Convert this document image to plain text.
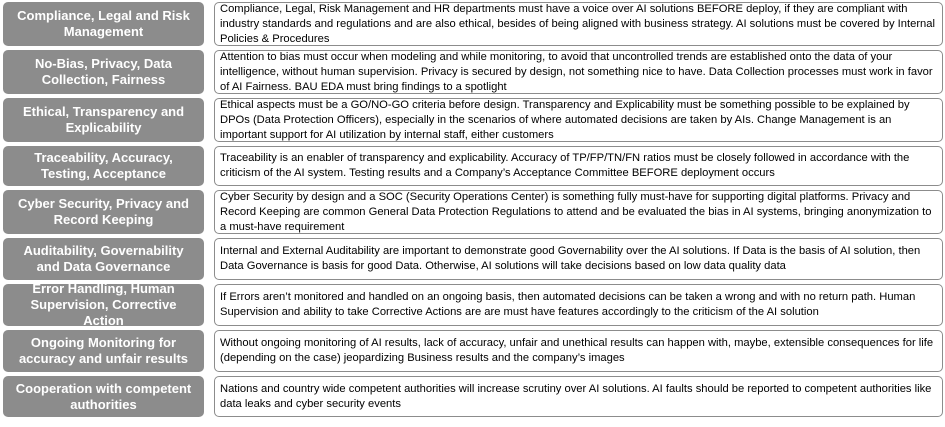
Compliance, Legal and Risk Management
Compliance, Legal, Risk Management and HR departments must have a voice over AI solutions BEFORE deploy, if they are compliant with industry standards and regulations and are also ethical, besides of being aligned with business strategy. AI solutions must be covered by Internal Policies & Procedures
No-Bias, Privacy, Data Collection, Fairness
Attention to bias must occur when modeling and while monitoring, to avoid that uncontrolled trends are established onto the data of your intelligence, without human supervision. Privacy is secured by design, not something nice to have. Data Collection processes must work in favor of AI Fairness. BAU EDA must bring findings to a spotlight
Ethical, Transparency and Explicability
Ethical aspects must be a GO/NO-GO criteria before design. Transparency and Explicability must be something possible to be explained by DPOs (Data Protection Officers), especially in the scenarios of where automated decisions are taken by AIs. Change Management is an important support for AI utilization by internal staff, either customers
Traceability, Accuracy, Testing, Acceptance
Traceability is an enabler of transparency and explicability. Accuracy of TP/FP/TN/FN ratios must be closely followed in accordance with the criticism of the AI system. Testing results and a Company’s Acceptance Committee BEFORE deployment occurs
Cyber Security, Privacy and Record Keeping
Cyber Security by design and a SOC (Security Operations Center) is something fully must-have for supporting digital platforms. Privacy and Record Keeping are common General Data Protection Regulations to attend and be evaluated the bias in AI systems, bringing anonymization to a must-have requirement
Auditability, Governability and Data Governance
Internal and External Auditability are important to demonstrate good Governability over the AI solutions. If Data is the basis of AI solution, then Data Governance is basis for good Data. Otherwise, AI solutions will take decisions based on low data quality data
Error Handling, Human Supervision, Corrective Action
If Errors aren’t monitored and handled on an ongoing basis, then automated decisions can be taken a wrong and with no return path. Human Supervision and ability to take Corrective Actions are are must have features accordingly to the criticism of the AI solution
Ongoing Monitoring for accuracy and unfair results
Without ongoing monitoring of AI results, lack of accuracy, unfair and unethical results can happen with, maybe, extensible consequences for life (depending on the case) jeopardizing Business results and the company’s images
Cooperation with competent authorities
Nations and country wide competent authorities will increase scrutiny over AI solutions. AI faults should be reported to competent authorities like data leaks and cyber security events
